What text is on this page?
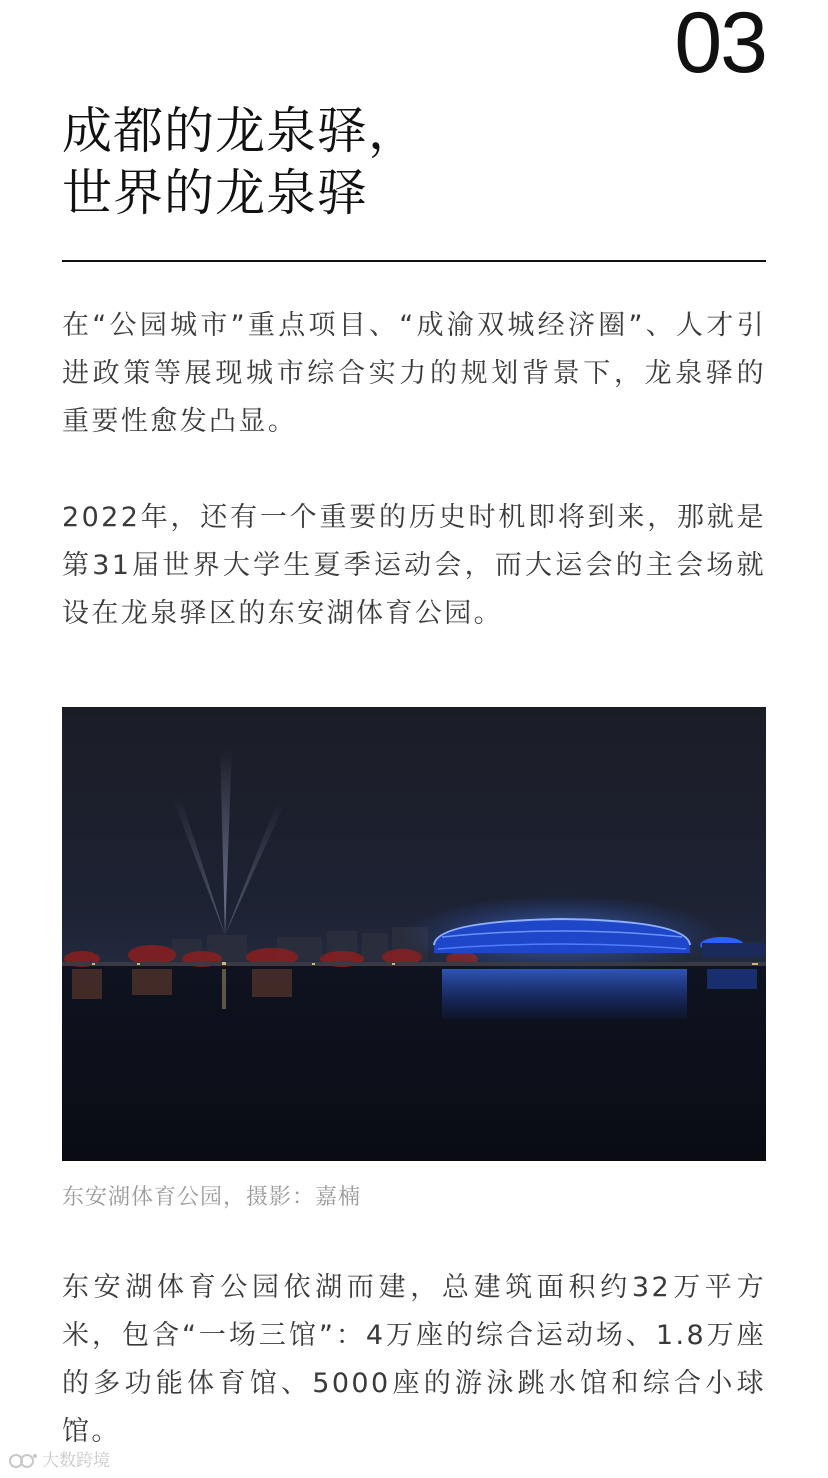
03
成都的龙泉驿，
世界的龙泉驿

在“公园城市”重点项目、“成渝双城经济圈”、人才引进政策等展现城市综合实力的规划背景下，龙泉驿的重要性愈发凸显。

2022年，还有一个重要的历史时机即将到来，那就是第31届世界大学生夏季运动会，而大运会的主会场就设在龙泉驿区的东安湖体育公园。

东安湖体育公园，摄影：嘉楠

东安湖体育公园依湖而建，总建筑面积约32万平方米，包含“一场三馆”：4万座的综合运动场、1.8万座的多功能体育馆、5000座的游泳跳水馆和综合小球馆。

大数跨境
